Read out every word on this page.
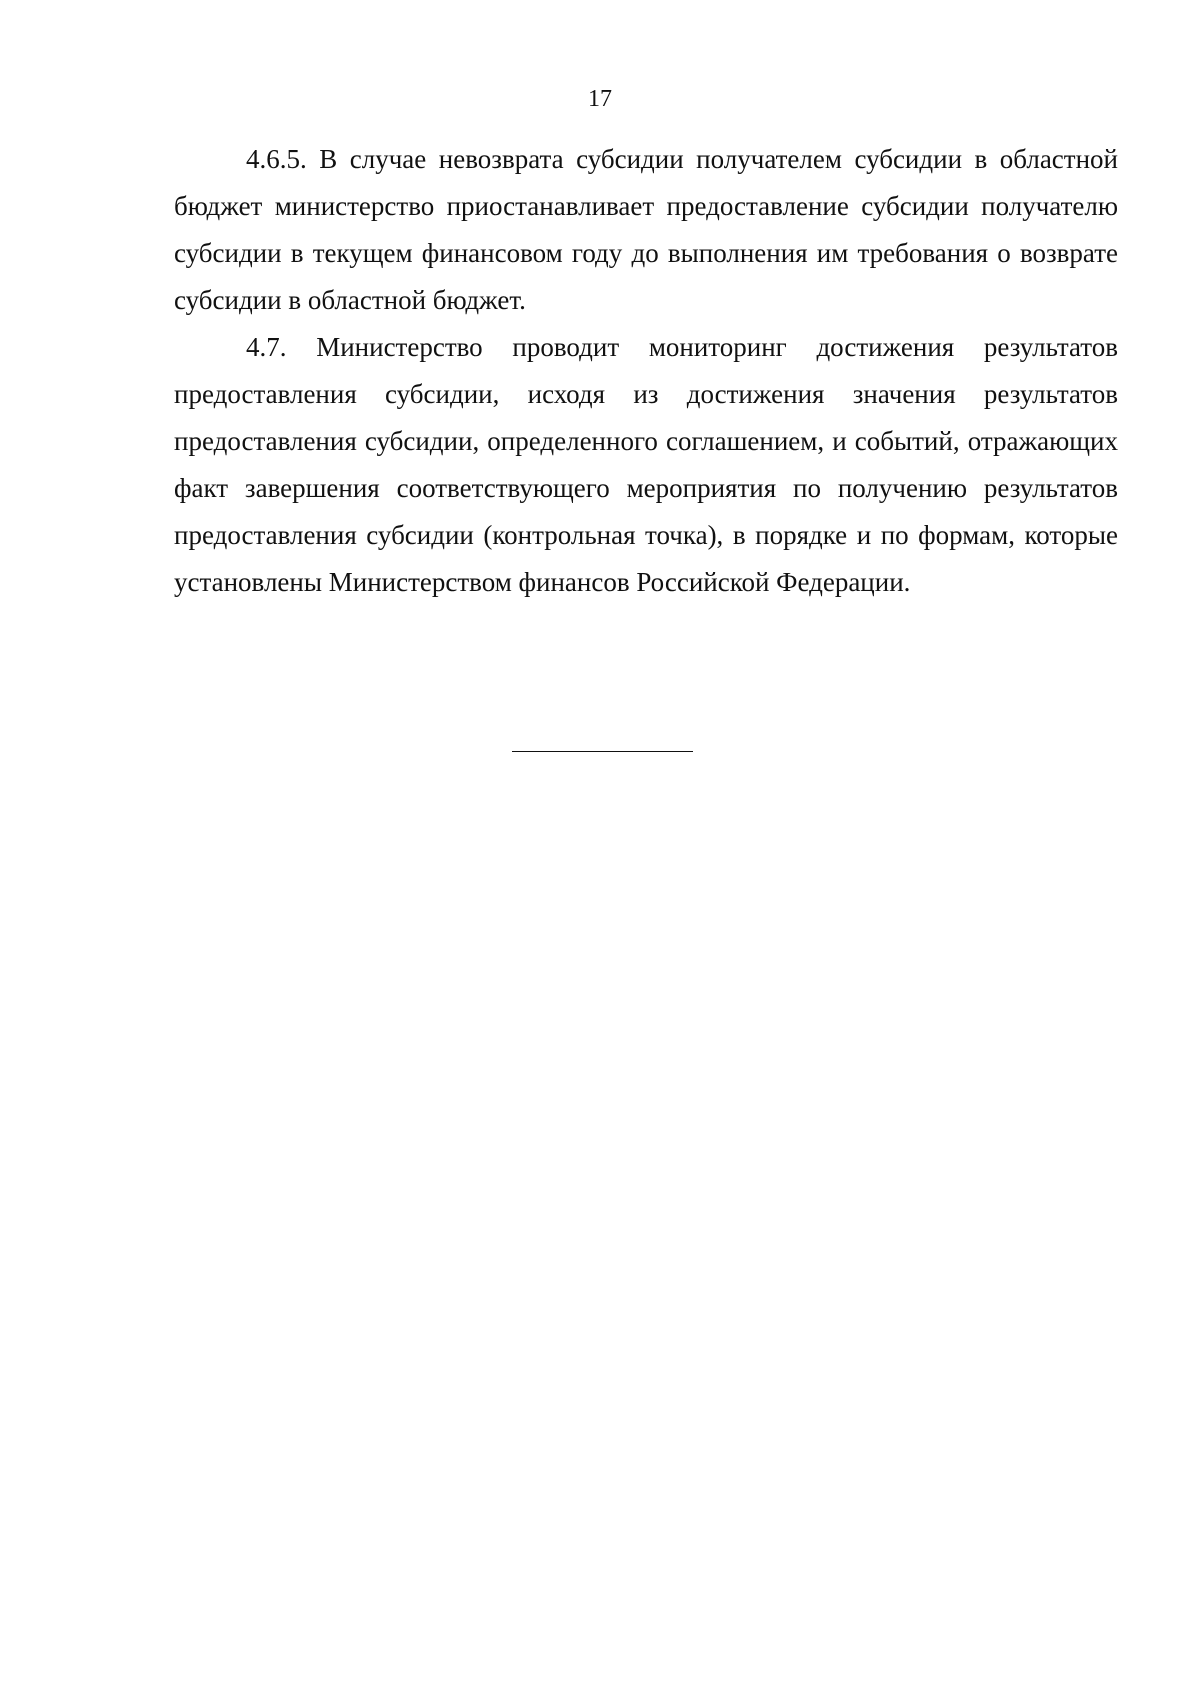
17

4.6.5. В случае невозврата субсидии получателем субсидии в областной бюджет министерство приостанавливает предоставление субсидии получателю субсидии в текущем финансовом году до выполнения им требования о возврате субсидии в областной бюджет.

4.7. Министерство проводит мониторинг достижения результатов предоставления субсидии, исходя из достижения значения результатов предоставления субсидии, определенного соглашением, и событий, отражающих факт завершения соответствующего мероприятия по получению результатов предоставления субсидии (контрольная точка), в порядке и по формам, которые установлены Министерством финансов Российской Федерации.
